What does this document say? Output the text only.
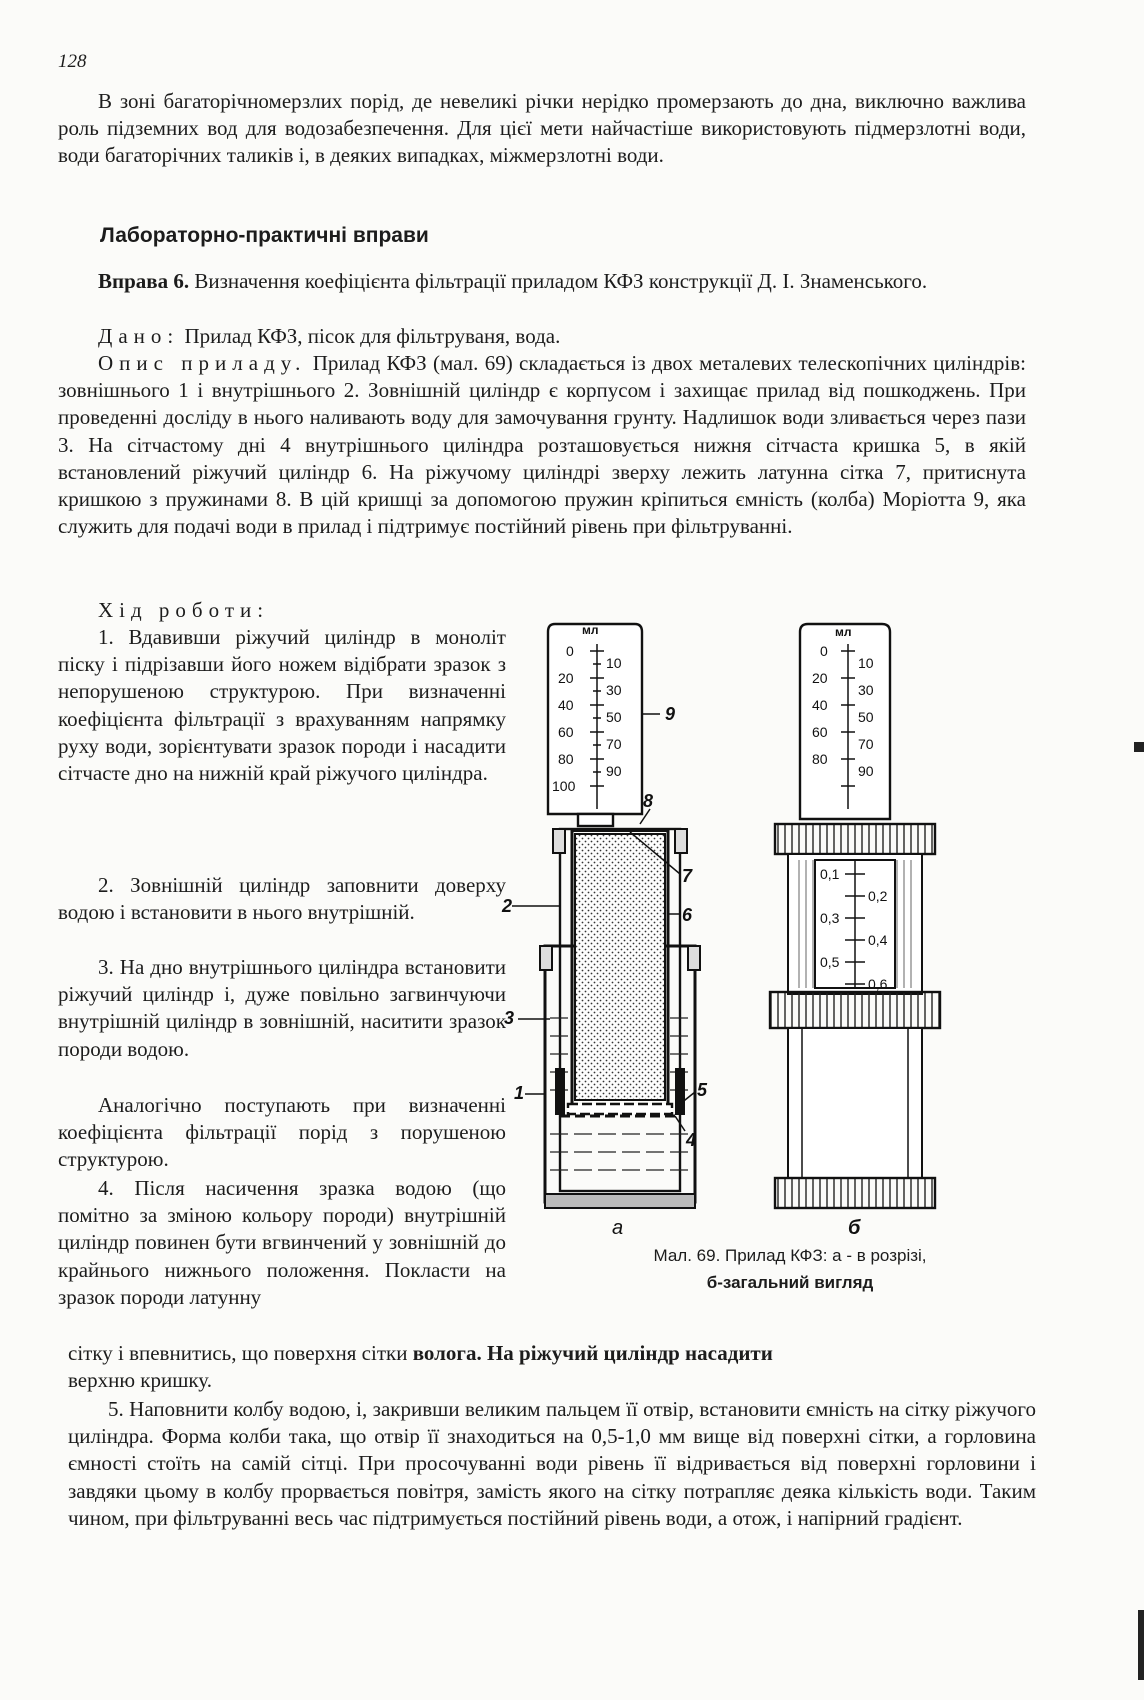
128

В зоні багаторічномерзлих порід, де невеликі річки нерідко промерзають до дна, виключно важлива роль підземних вод для водозабезпечення. Для цієї мети найчастіше використовують підмерзлотні води, води багаторічних таликів і, в деяких випадках, міжмерзлотні води.

Лабораторно-практичні вправи

Вправа 6. Визначення коефіцієнта фільтрації приладом КФЗ конструкції Д. І. Знаменського.

Дано: Прилад КФЗ, пісок для фільтруваня, вода.

Опис приладу. Прилад КФЗ (мал. 69) складається із двох металевих телескопічних циліндрів: зовнішнього 1 і внутрішнього 2. Зовнішній циліндр є корпусом і захищає прилад від пошкоджень. При проведенні досліду в нього наливають воду для замочування грунту. Надлишок води зливається через пази 3. На сітчастому дні 4 внутрішнього циліндра розташовується нижня сітчаста кришка 5, в якій встановлений ріжучий циліндр 6. На ріжучому циліндрі зверху лежить латунна сітка 7, притиснута кришкою з пружинами 8. В цій кришці за допомогою пружин кріпиться ємність (колба) Моріотта 9, яка служить для подачі води в прилад і підтримує постійний рівень при фільтруванні.

Хід роботи:

1. Вдавивши ріжучий циліндр в моноліт піску і підрізавши його ножем відібрати зразок з непорушеною структурою. При визначенні коефіцієнта фільтрації з врахуванням напрямку руху води, зорієнтувати зразок породи і насадити сітчасте дно на нижній край ріжучого циліндра.

2. Зовнішній циліндр заповнити доверху водою і встановити в нього внутрішній.

3. На дно внутрішнього циліндра встановити ріжучий циліндр і, дуже повільно загвинчуючи внутрішній циліндр в зовнішній, наситити зразок породи водою.

Аналогічно поступають при визначенні коефіцієнта фільтрації порід з порушеною структурою.

4. Після насичення зразка водою (що помітно за зміною кольору породи) внутрішній циліндр повинен бути вгвинчений у зовнішній до крайнього нижнього положення. Покласти на зразок породи латунну

сітку і впевнитись, що поверхня сітки волога. На ріжучий циліндр насадити
верхню кришку.

5. Наповнити колбу водою, і, закривши великим пальцем її отвір, встановити ємність на сітку ріжучого циліндра. Форма колби така, що отвір її знаходиться на 0,5-1,0 мм вище від поверхні сітки, а горловина ємності стоїть на самій сітці. При просочуванні води рівень її відривається від поверхні горловини і завдяки цьому в колбу прорвається повітря, замість якого на сітку потрапляє деяка кількість води. Таким чином, при фільтруванні весь час підтримується постійний рівень води, а отож, і напірний градієнт.

мл
0
20
40
60
80
100
10
30
50
70
90
9
8
7
6
5
4
1
3
2
а
мл
0
20
40
60
80
10
30
50
70
90
0,1
0,3
0,5
0,2
0,4
0,6
б
Мал. 69. Прилад КФЗ: а - в розрізі,
б-загальний вигляд
